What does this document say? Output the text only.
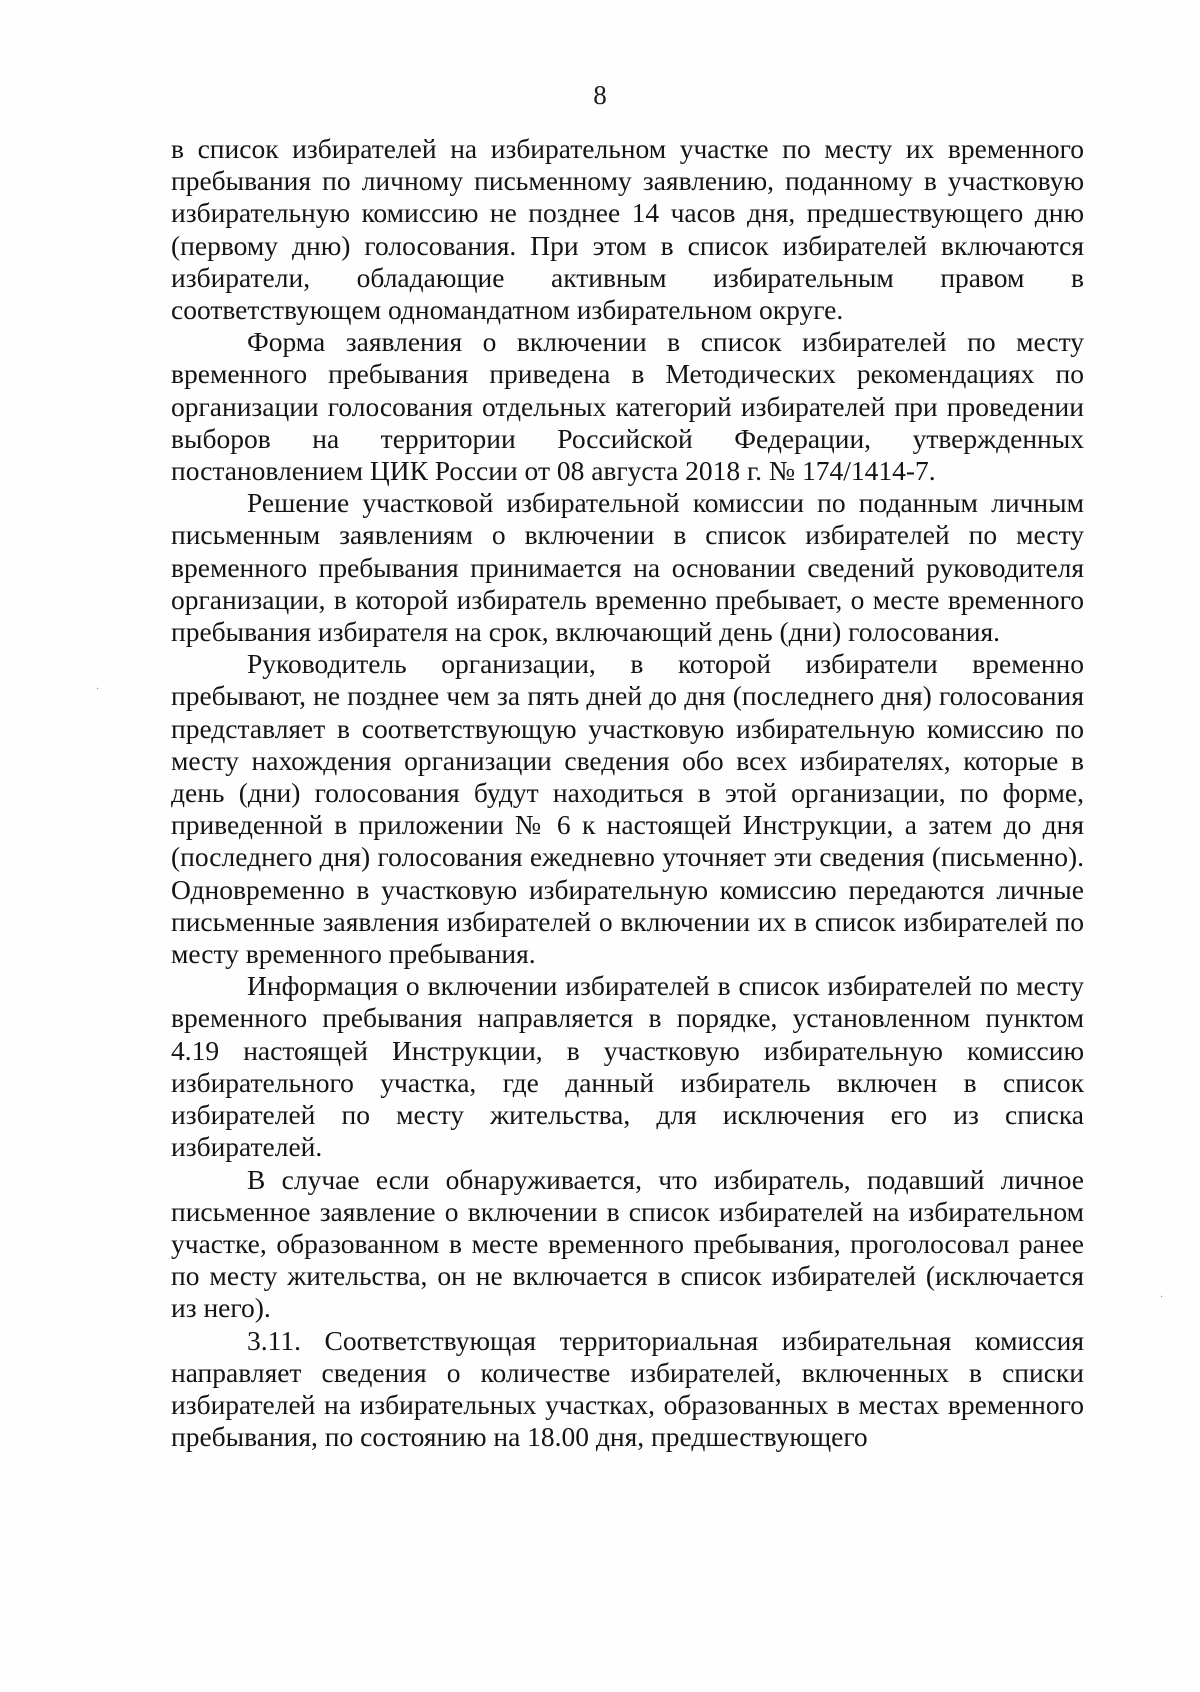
8

в список избирателей на избирательном участке по месту их временного пребывания по личному письменному заявлению, поданному в участковую избирательную комиссию не позднее 14 часов дня, предшествующего дню (первому дню) голосования. При этом в список избирателей включаются избиратели, обладающие активным избирательным правом в соответствующем одномандатном избирательном округе.

Форма заявления о включении в список избирателей по месту временного пребывания приведена в Методических рекомендациях по организации голосования отдельных категорий избирателей при проведении выборов на территории Российской Федерации, утвержденных постановлением ЦИК России от 08 августа 2018 г. № 174/1414-7.

Решение участковой избирательной комиссии по поданным личным письменным заявлениям о включении в список избирателей по месту временного пребывания принимается на основании сведений руководителя организации, в которой избиратель временно пребывает, о месте временного пребывания избирателя на срок, включающий день (дни) голосования.

Руководитель организации, в которой избиратели временно пребывают, не позднее чем за пять дней до дня (последнего дня) голосования представляет в соответствующую участковую избирательную комиссию по месту нахождения организации сведения обо всех избирателях, которые в день (дни) голосования будут находиться в этой организации, по форме, приведенной в приложении № 6 к настоящей Инструкции, а затем до дня (последнего дня) голосования ежедневно уточняет эти сведения (письменно). Одновременно в участковую избирательную комиссию передаются личные письменные заявления избирателей о включении их в список избирателей по месту временного пребывания.

Информация о включении избирателей в список избирателей по месту временного пребывания направляется в порядке, установленном пунктом 4.19 настоящей Инструкции, в участковую избирательную комиссию избирательного участка, где данный избиратель включен в список избирателей по месту жительства, для исключения его из списка избирателей.

В случае если обнаруживается, что избиратель, подавший личное письменное заявление о включении в список избирателей на избирательном участке, образованном в месте временного пребывания, проголосовал ранее по месту жительства, он не включается в список избирателей (исключается из него).

3.11. Соответствующая территориальная избирательная комиссия направляет сведения о количестве избирателей, включенных в списки избирателей на избирательных участках, образованных в местах временного пребывания, по состоянию на 18.00 дня, предшествующего

·
·
